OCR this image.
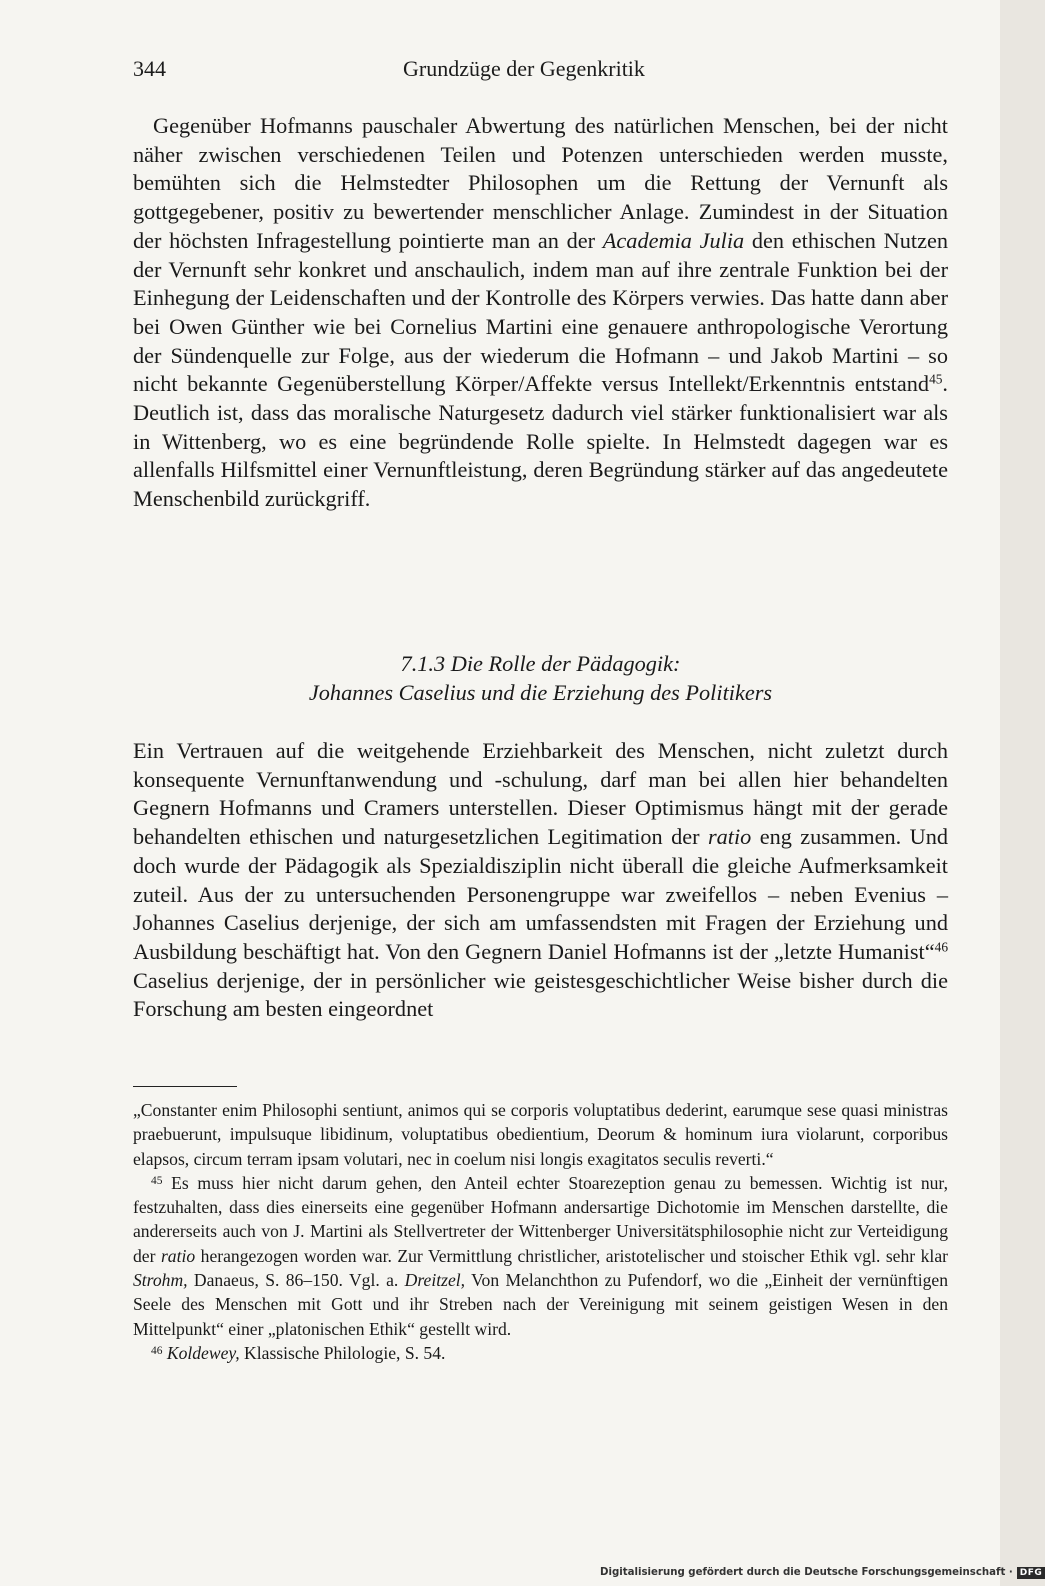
344	Grundzüge der Gegenkritik

Gegenüber Hofmanns pauschaler Abwertung des natürlichen Menschen, bei der nicht näher zwischen verschiedenen Teilen und Potenzen unterschieden werden musste, bemühten sich die Helmstedter Philosophen um die Rettung der Vernunft als gottgegebener, positiv zu bewertender menschlicher Anlage. Zumindest in der Situation der höchsten Infragestellung pointierte man an der Academia Julia den ethischen Nutzen der Vernunft sehr konkret und anschaulich, indem man auf ihre zentrale Funktion bei der Einhegung der Leidenschaften und der Kontrolle des Körpers verwies. Das hatte dann aber bei Owen Günther wie bei Cornelius Martini eine genauere anthropologische Verortung der Sündenquelle zur Folge, aus der wiederum die Hofmann – und Jakob Martini – so nicht bekannte Gegenüberstellung Körper/Affekte versus Intellekt/Erkenntnis entstand$^{45}$. Deutlich ist, dass das moralische Naturgesetz dadurch viel stärker funktionalisiert war als in Wittenberg, wo es eine begründende Rolle spielte. In Helmstedt dagegen war es allenfalls Hilfsmittel einer Vernunftleistung, deren Begründung stärker auf das angedeutete Menschenbild zurückgriff.

7.1.3 Die Rolle der Pädagogik:
Johannes Caselius und die Erziehung des Politikers

Ein Vertrauen auf die weitgehende Erziehbarkeit des Menschen, nicht zuletzt durch konsequente Vernunftanwendung und -schulung, darf man bei allen hier behandelten Gegnern Hofmanns und Cramers unterstellen. Dieser Optimismus hängt mit der gerade behandelten ethischen und naturgesetzlichen Legitimation der ratio eng zusammen. Und doch wurde der Pädagogik als Spezialdisziplin nicht überall die gleiche Aufmerksamkeit zuteil. Aus der zu untersuchenden Personengruppe war zweifellos – neben Evenius – Johannes Caselius derjenige, der sich am umfassendsten mit Fragen der Erziehung und Ausbildung beschäftigt hat. Von den Gegnern Daniel Hofmanns ist der „letzte Humanist“$^{46}$ Caselius derjenige, der in persönlicher wie geistesgeschichtlicher Weise bisher durch die Forschung am besten eingeordnet

„Constanter enim Philosophi sentiunt, animos qui se corporis voluptatibus dederint, earumque sese quasi ministras praebuerunt, impulsuque libidinum, voluptatibus obedientium, Deorum & hominum iura violarunt, corporibus elapsos, circum terram ipsam volutari, nec in coelum nisi longis exagitatos seculis reverti.“

$^{45}$ Es muss hier nicht darum gehen, den Anteil echter Stoarezeption genau zu bemessen. Wichtig ist nur, festzuhalten, dass dies einerseits eine gegenüber Hofmann andersartige Dichotomie im Menschen darstellte, die andererseits auch von J. Martini als Stellvertreter der Wittenberger Universitätsphilosophie nicht zur Verteidigung der ratio herangezogen worden war. Zur Vermittlung christlicher, aristotelischer und stoischer Ethik vgl. sehr klar Strohm, Danaeus, S. 86–150. Vgl. a. Dreitzel, Von Melanchthon zu Pufendorf, wo die „Einheit der vernünftigen Seele des Menschen mit Gott und ihr Streben nach der Vereinigung mit seinem geistigen Wesen in den Mittelpunkt“ einer „platonischen Ethik“ gestellt wird.

$^{46}$ Koldewey, Klassische Philologie, S. 54.

Digitalisierung gefördert durch die Deutsche Forschungsgemeinschaft · DFG
